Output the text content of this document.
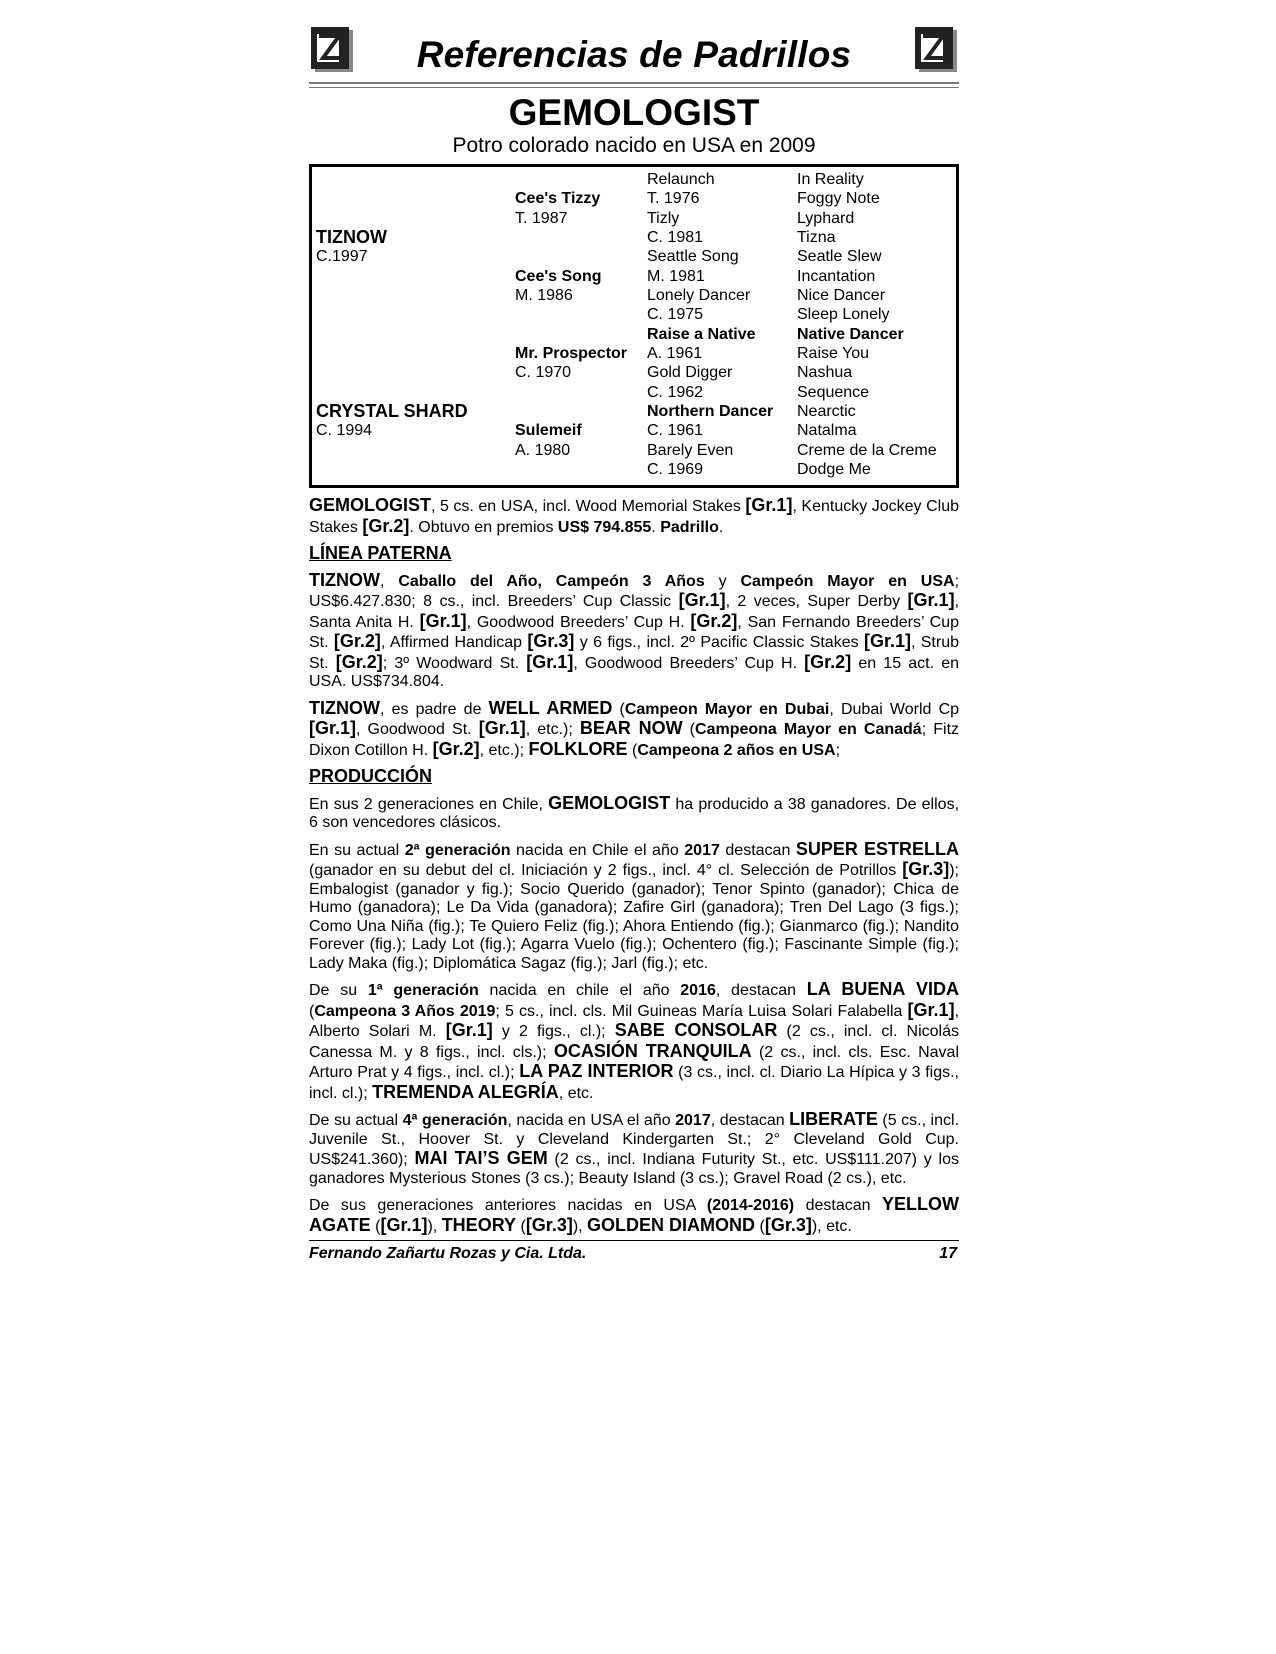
Referencias de Padrillos
GEMOLOGIST
Potro colorado nacido en USA en 2009

TIZNOW
C.1997

CRYSTAL SHARD
C. 1994

Cee's Tizzy
T. 1987

Cee's Song
M. 1986

Mr. Prospector
C. 1970

Sulemeif
A. 1980

Relaunch
T. 1976
Tizly
C. 1981
Seattle Song
M. 1981
Lonely Dancer
C. 1975
Raise a Native
A. 1961
Gold Digger
C. 1962
Northern Dancer
C. 1961
Barely Even
C. 1969
In Reality
Foggy Note
Lyphard
Tizna
Seatle Slew
Incantation
Nice Dancer
Sleep Lonely
Native Dancer
Raise You
Nashua
Sequence
Nearctic
Natalma
Creme de la Creme
Dodge Me

GEMOLOGIST, 5 cs. en USA, incl. Wood Memorial Stakes [Gr.1], Kentucky Jockey Club Stakes [Gr.2]. Obtuvo en premios US$ 794.855. Padrillo.

LÍNEA PATERNA

TIZNOW, Caballo del Año, Campeón 3 Años y Campeón Mayor en USA; US$6.427.830; 8 cs., incl. Breeders’ Cup Classic [Gr.1], 2 veces, Super Derby [Gr.1], Santa Anita H. [Gr.1], Goodwood Breeders’ Cup H. [Gr.2], San Fernando Breeders’ Cup St. [Gr.2], Affirmed Handicap [Gr.3] y 6 figs., incl. 2º Pacific Classic Stakes [Gr.1], Strub St. [Gr.2]; 3º Woodward St. [Gr.1], Goodwood Breeders’ Cup H. [Gr.2] en 15 act. en USA. US$734.804.

TIZNOW, es padre de WELL ARMED (Campeon Mayor en Dubai, Dubai World Cp [Gr.1], Goodwood St. [Gr.1], etc.); BEAR NOW (Campeona Mayor en Canadá; Fitz Dixon Cotillon H. [Gr.2], etc.); FOLKLORE (Campeona 2 años en USA;

PRODUCCIÓN

En sus 2 generaciones en Chile, GEMOLOGIST ha producido a 38 ganadores. De ellos, 6 son vencedores clásicos.

En su actual 2ª generación nacida en Chile el año 2017 destacan SUPER ESTRELLA (ganador en su debut del cl. Iniciación y 2 figs., incl. 4° cl. Selección de Potrillos [Gr.3]); Embalogist (ganador y fig.); Socio Querido (ganador); Tenor Spinto (ganador); Chica de Humo (ganadora); Le Da Vida (ganadora); Zafire Girl (ganadora); Tren Del Lago (3 figs.); Como Una Niña (fig.); Te Quiero Feliz (fig.); Ahora Entiendo (fig.); Gianmarco (fig.); Nandito Forever (fig.); Lady Lot (fig.); Agarra Vuelo (fig.); Ochentero (fig.); Fascinante Simple (fig.); Lady Maka (fig.); Diplomática Sagaz (fig.); Jarl (fig.); etc.

De su 1ª generación nacida en chile el año 2016, destacan LA BUENA VIDA (Campeona 3 Años 2019; 5 cs., incl. cls. Mil Guineas María Luisa Solari Falabella [Gr.1], Alberto Solari M. [Gr.1] y 2 figs., cl.); SABE CONSOLAR (2 cs., incl. cl. Nicolás Canessa M. y 8 figs., incl. cls.); OCASIÓN TRANQUILA (2 cs., incl. cls. Esc. Naval Arturo Prat y 4 figs., incl. cl.); LA PAZ INTERIOR (3 cs., incl. cl. Diario La Hípica y 3 figs., incl. cl.); TREMENDA ALEGRÍA, etc.

De su actual 4ª generación, nacida en USA el año 2017, destacan LIBERATE (5 cs., incl. Juvenile St., Hoover St. y Cleveland Kindergarten St.; 2° Cleveland Gold Cup. US$241.360); MAI TAI’S GEM (2 cs., incl. Indiana Futurity St., etc. US$111.207) y los ganadores Mysterious Stones (3 cs.); Beauty Island (3 cs.); Gravel Road (2 cs.), etc.

De sus generaciones anteriores nacidas en USA (2014-2016) destacan YELLOW AGATE ([Gr.1]), THEORY ([Gr.3]), GOLDEN DIAMOND ([Gr.3]), etc.

Fernando Zañartu Rozas y Cia. Ltda.	17
